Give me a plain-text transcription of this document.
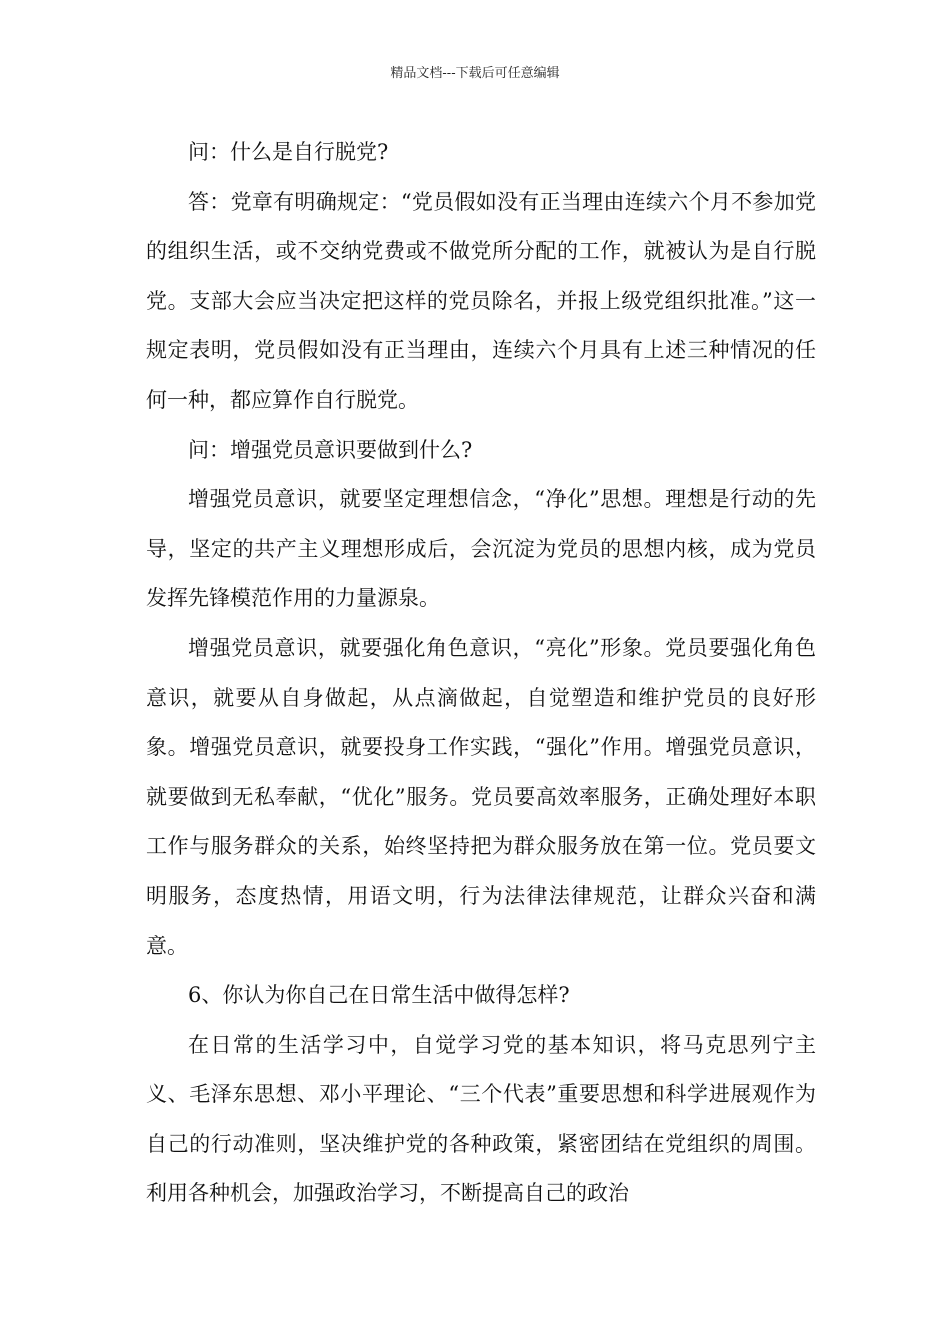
精品文档---下载后可任意编辑

问：什么是自行脱党?

答：党章有明确规定：“党员假如没有正当理由连续六个月不参加党的组织生活，或不交纳党费或不做党所分配的工作，就被认为是自行脱党。支部大会应当决定把这样的党员除名，并报上级党组织批准。”这一规定表明，党员假如没有正当理由，连续六个月具有上述三种情况的任何一种，都应算作自行脱党。

问：增强党员意识要做到什么?

增强党员意识，就要坚定理想信念，“净化”思想。理想是行动的先导，坚定的共产主义理想形成后，会沉淀为党员的思想内核，成为党员发挥先锋模范作用的力量源泉。

增强党员意识，就要强化角色意识，“亮化”形象。党员要强化角色意识，就要从自身做起，从点滴做起，自觉塑造和维护党员的良好形象。增强党员意识，就要投身工作实践，“强化”作用。增强党员意识，就要做到无私奉献，“优化”服务。党员要高效率服务，正确处理好本职工作与服务群众的关系，始终坚持把为群众服务放在第一位。党员要文明服务，态度热情，用语文明，行为法律法律规范，让群众兴奋和满意。

6、你认为你自己在日常生活中做得怎样?

在日常的生活学习中，自觉学习党的基本知识，将马克思列宁主义、毛泽东思想、邓小平理论、“三个代表”重要思想和科学进展观作为自己的行动准则，坚决维护党的各种政策，紧密团结在党组织的周围。利用各种机会，加强政治学习，不断提高自己的政治
